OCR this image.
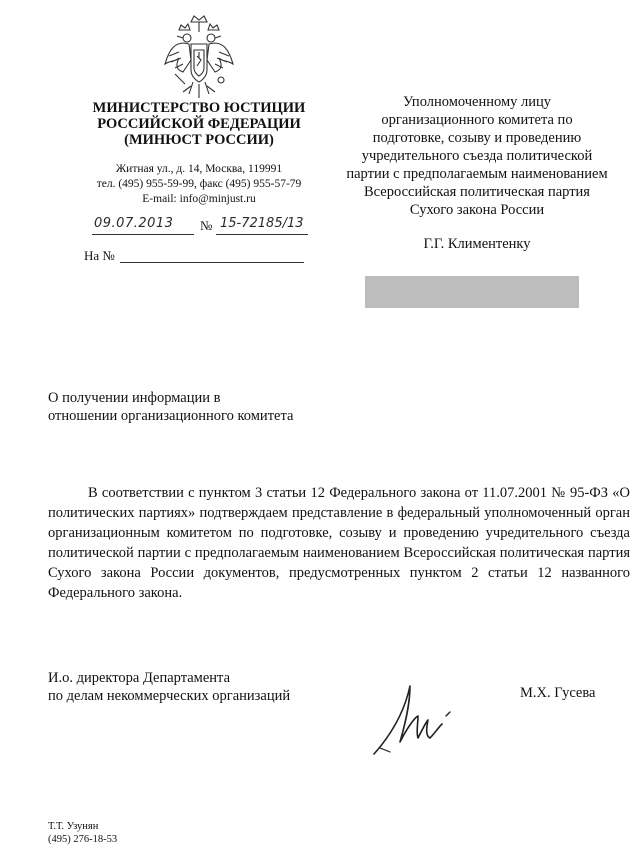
МИНИСТЕРСТВО ЮСТИЦИИ
РОССИЙСКОЙ ФЕДЕРАЦИИ
(МИНЮСТ РОССИИ)
Житная ул., д. 14, Москва, 119991
тел. (495) 955-59-99, факс (495) 955-57-79
E-mail: info@minjust.ru
09.07.2013	№ 15-72185/13
На №
Уполномоченному лицу
организационного комитета по
подготовке, созыву и проведению
учредительного съезда политической
партии с предполагаемым наименованием
Всероссийская политическая партия
Сухого закона России
Г.Г. Климентенку
О получении информации в
отношении организационного комитета
В соответствии с пунктом 3 статьи 12 Федерального закона от 11.07.2001 № 95-ФЗ «О политических партиях» подтверждаем представление в федеральный уполномоченный орган организационным комитетом по подготовке, созыву и проведению учредительного съезда политической партии с предполагаемым наименованием Всероссийская политическая партия Сухого закона России документов, предусмотренных пунктом 2 статьи 12 названного Федерального закона.
И.о. директора Департамента
по делам некоммерческих организаций	М.Х. Гусева
Т.Т. Узунян
(495) 276-18-53
